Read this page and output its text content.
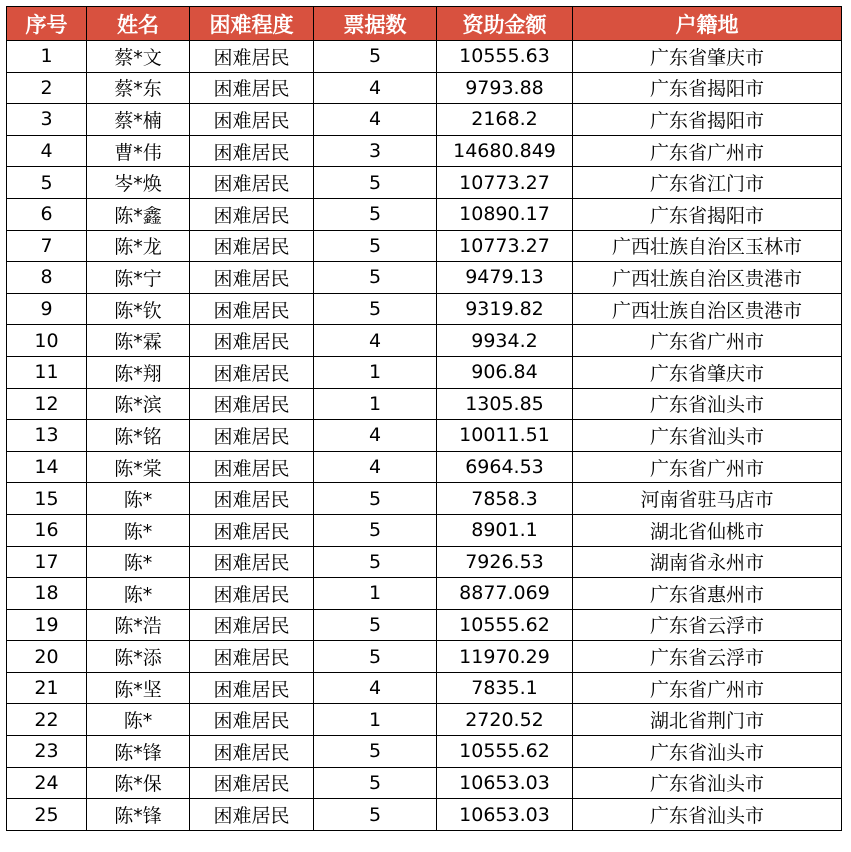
序号	姓名	困难程度	票据数	资助金额	户籍地
1	蔡*文	困难居民	5	10555.63	广东省肇庆市
2	蔡*东	困难居民	4	9793.88	广东省揭阳市
3	蔡*楠	困难居民	4	2168.2	广东省揭阳市
4	曹*伟	困难居民	3	14680.849	广东省广州市
5	岑*焕	困难居民	5	10773.27	广东省江门市
6	陈*鑫	困难居民	5	10890.17	广东省揭阳市
7	陈*龙	困难居民	5	10773.27	广西壮族自治区玉林市
8	陈*宁	困难居民	5	9479.13	广西壮族自治区贵港市
9	陈*钦	困难居民	5	9319.82	广西壮族自治区贵港市
10	陈*霖	困难居民	4	9934.2	广东省广州市
11	陈*翔	困难居民	1	906.84	广东省肇庆市
12	陈*滨	困难居民	1	1305.85	广东省汕头市
13	陈*铭	困难居民	4	10011.51	广东省汕头市
14	陈*棠	困难居民	4	6964.53	广东省广州市
15	陈*	困难居民	5	7858.3	河南省驻马店市
16	陈*	困难居民	5	8901.1	湖北省仙桃市
17	陈*	困难居民	5	7926.53	湖南省永州市
18	陈*	困难居民	1	8877.069	广东省惠州市
19	陈*浩	困难居民	5	10555.62	广东省云浮市
20	陈*添	困难居民	5	11970.29	广东省云浮市
21	陈*坚	困难居民	4	7835.1	广东省广州市
22	陈*	困难居民	1	2720.52	湖北省荆门市
23	陈*锋	困难居民	5	10555.62	广东省汕头市
24	陈*保	困难居民	5	10653.03	广东省汕头市
25	陈*锋	困难居民	5	10653.03	广东省汕头市
